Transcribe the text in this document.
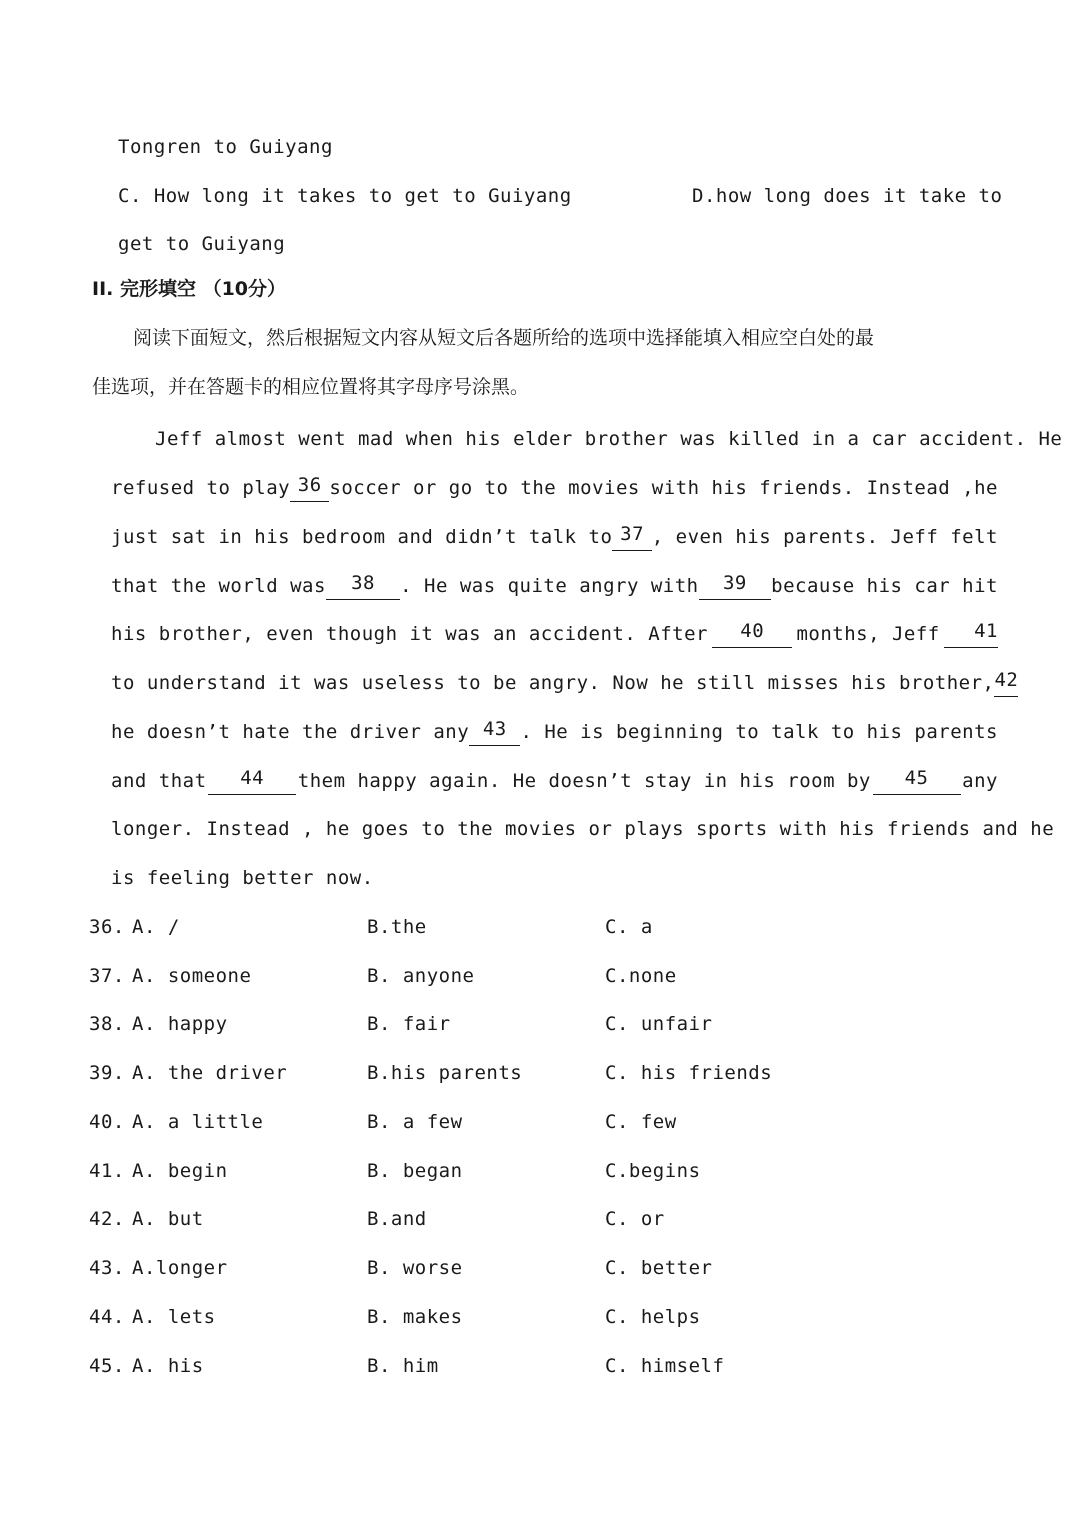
Tongren to Guiyang
C. How long it takes to get to Guiyang	D.how long does it take to
get to Guiyang
II. 完形填空 （10分）
阅读下面短文，然后根据短文内容从短文后各题所给的选项中选择能填入相应空白处的最
佳选项，并在答题卡的相应位置将其字母序号涂黑。
Jeff almost went mad when his elder brother was killed in a car accident. He
refused to play 36 soccer or go to the movies with his friends. Instead ,he
just sat in his bedroom and didn’t talk to 37 , even his parents. Jeff felt
that the world was	38	. He was quite angry with	39	because his car hit
his brother, even though it was an accident. After	40	months, Jeff	41
to understand it was useless to be angry. Now he still misses his brother, 42
he doesn’t hate the driver any 43 . He is beginning to talk to his parents
and that	44	them happy again. He doesn’t stay in his room by	45	any
longer. Instead , he goes to the movies or plays sports with his friends and he
is feeling better now.
36. A. /	B.the	C. a
37. A. someone	B. anyone	C.none
38. A. happy	B. fair	C. unfair
39. A. the driver	B.his parents	C. his friends
40. A. a little	B. a few	C. few
41. A. begin	B. began	C.begins
42. A. but	B.and	C. or
43. A.longer	B. worse	C. better
44. A. lets	B. makes	C. helps
45. A. his	B. him	C. himself
